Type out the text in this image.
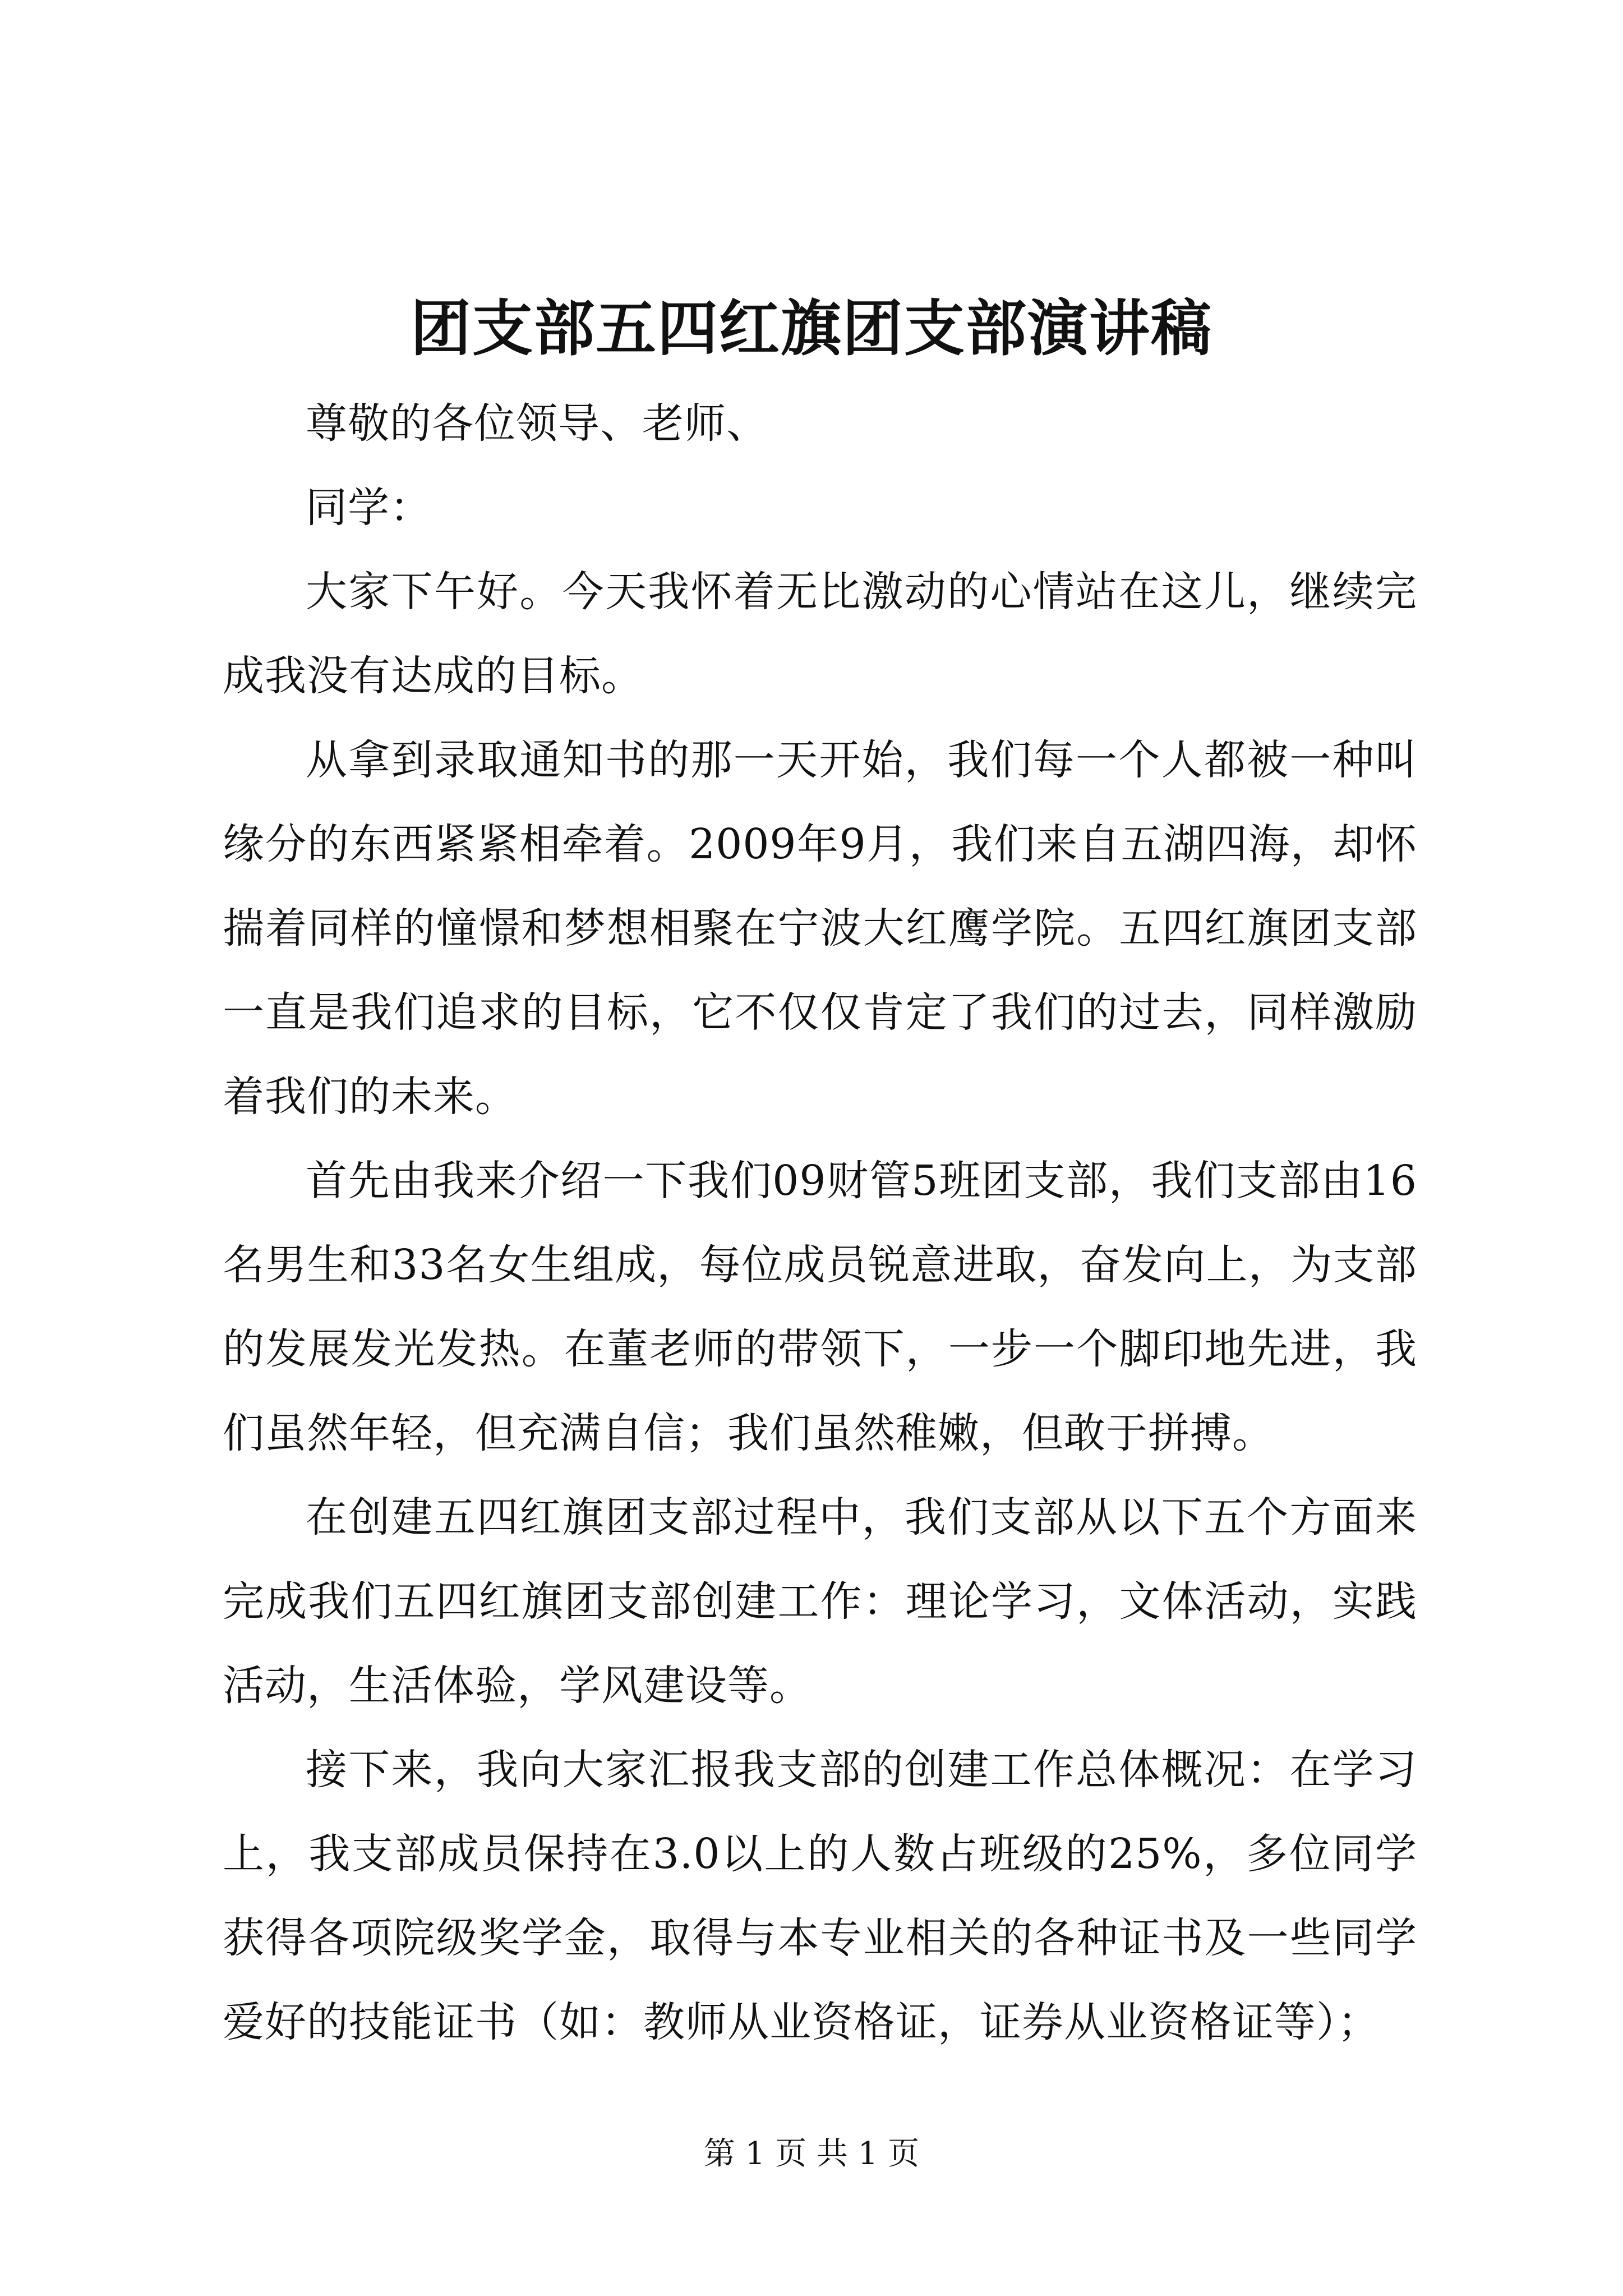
团支部五四红旗团支部演讲稿

尊敬的各位领导、老师、

同学：

大家下午好。今天我怀着无比激动的心情站在这儿，继续完成我没有达成的目标。

从拿到录取通知书的那一天开始，我们每一个人都被一种叫缘分的东西紧紧相牵着。2009年9月，我们来自五湖四海，却怀揣着同样的憧憬和梦想相聚在宁波大红鹰学院。五四红旗团支部一直是我们追求的目标，它不仅仅肯定了我们的过去，同样激励着我们的未来。

首先由我来介绍一下我们09财管5班团支部，我们支部由16名男生和33名女生组成，每位成员锐意进取，奋发向上，为支部的发展发光发热。在董老师的带领下，一步一个脚印地先进，我们虽然年轻，但充满自信；我们虽然稚嫩，但敢于拼搏。

在创建五四红旗团支部过程中，我们支部从以下五个方面来完成我们五四红旗团支部创建工作：理论学习，文体活动，实践活动，生活体验，学风建设等。

接下来，我向大家汇报我支部的创建工作总体概况：在学习上，我支部成员保持在3.0以上的人数占班级的25%，多位同学获得各项院级奖学金，取得与本专业相关的各种证书及一些同学爱好的技能证书（如：教师从业资格证，证券从业资格证等）；

第 1 页 共 1 页
